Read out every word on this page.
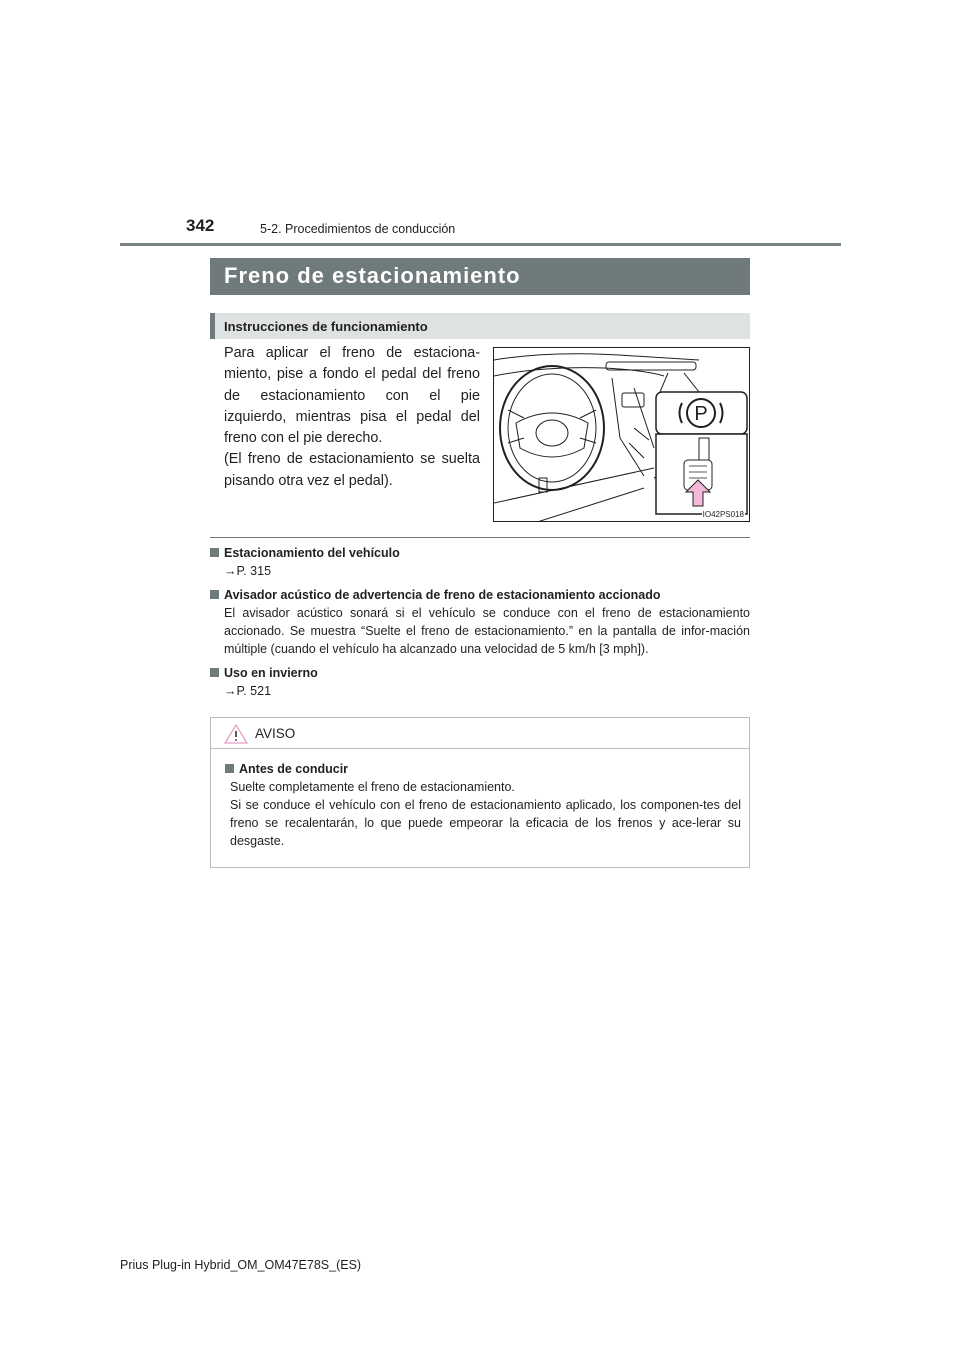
342	5-2. Procedimientos de conducción
Freno de estacionamiento
Instrucciones de funcionamiento

Para aplicar el freno de estaciona-miento, pise a fondo el pedal del freno de estacionamiento con el pie izquierdo, mientras pisa el pedal del freno con el pie derecho.

(El freno de estacionamiento se suelta pisando otra vez el pedal).

P
IO42PS018
Estacionamiento del vehículo
→P. 315
Avisador acústico de advertencia de freno de estacionamiento accionado
El avisador acústico sonará si el vehículo se conduce con el freno de estacionamiento accionado. Se muestra “Suelte el freno de estacionamiento.” en la pantalla de infor-mación múltiple (cuando el vehículo ha alcanzado una velocidad de 5 km/h [3 mph]).
Uso en invierno
→P. 521
AVISO
Antes de conducir
Suelte completamente el freno de estacionamiento.
Si se conduce el vehículo con el freno de estacionamiento aplicado, los componen-tes del freno se recalentarán, lo que puede empeorar la eficacia de los frenos y ace-lerar su desgaste.
Prius Plug-in Hybrid_OM_OM47E78S_(ES)
